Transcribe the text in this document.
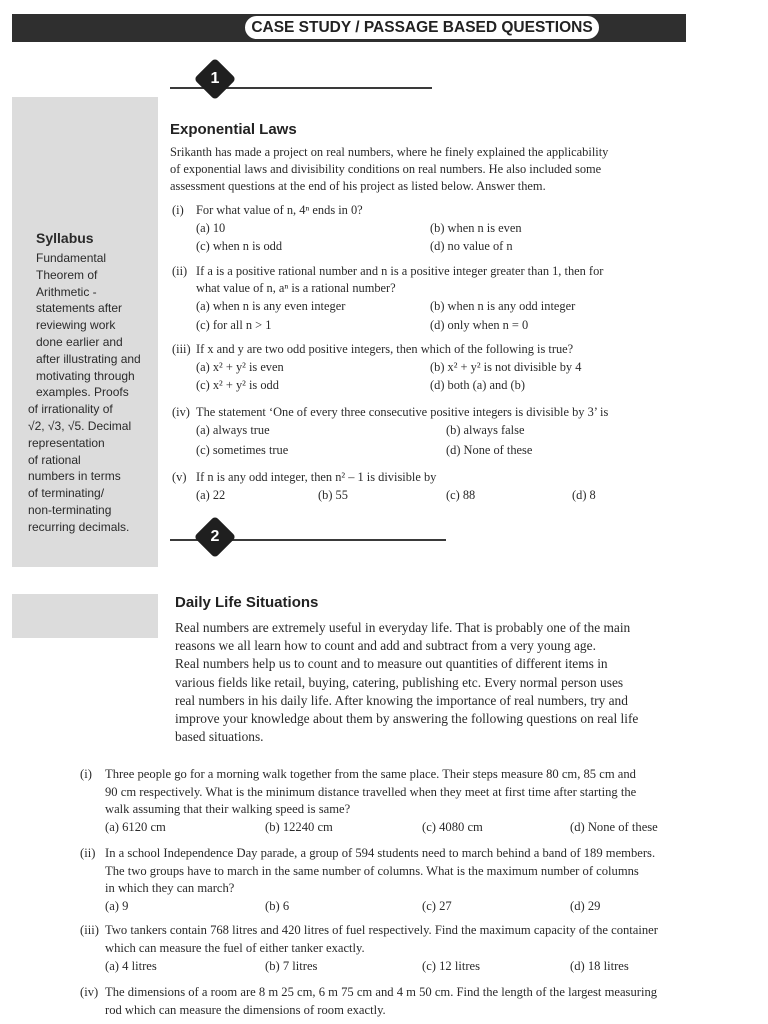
CASE STUDY / PASSAGE BASED QUESTIONS
1
Syllabus
Fundamental
Theorem of
Arithmetic -
statements after
reviewing work
done earlier and
after illustrating and
motivating through
examples. Proofs
of irrationality of
√2, √3, √5. Decimal
representation
of rational
numbers in terms
of terminating/
non-terminating
recurring decimals.
Exponential Laws
Srikanth has made a project on real numbers, where he finely explained the applicability
of exponential laws and divisibility conditions on real numbers. He also included some
assessment questions at the end of his project as listed below. Answer them.
(i) For what value of n, 4ⁿ ends in 0?
(a) 10	(b) when n is even
(c) when n is odd	(d) no value of n
(ii) If a is a positive rational number and n is a positive integer greater than 1, then for
what value of n, aⁿ is a rational number?
(a) when n is any even integer	(b) when n is any odd integer
(c) for all n > 1	(d) only when n = 0
(iii) If x and y are two odd positive integers, then which of the following is true?
(a) x² + y² is even	(b) x² + y² is not divisible by 4
(c) x² + y² is odd	(d) both (a) and (b)
(iv) The statement ‘One of every three consecutive positive integers is divisible by 3’ is
(a) always true	(b) always false
(c) sometimes true	(d) None of these
(v) If n is any odd integer, then n² – 1 is divisible by
(a) 22	(b) 55	(c) 88	(d) 8
2
Daily Life Situations
Real numbers are extremely useful in everyday life. That is probably one of the main
reasons we all learn how to count and add and subtract from a very young age.
Real numbers help us to count and to measure out quantities of different items in
various fields like retail, buying, catering, publishing etc. Every normal person uses
real numbers in his daily life. After knowing the importance of real numbers, try and
improve your knowledge about them by answering the following questions on real life
based situations.
(i) Three people go for a morning walk together from the same place. Their steps measure 80 cm, 85 cm and
90 cm respectively. What is the minimum distance travelled when they meet at first time after starting the
walk assuming that their walking speed is same?
(a) 6120 cm	(b) 12240 cm	(c) 4080 cm	(d) None of these
(ii) In a school Independence Day parade, a group of 594 students need to march behind a band of 189 members.
The two groups have to march in the same number of columns. What is the maximum number of columns
in which they can march?
(a) 9	(b) 6	(c) 27	(d) 29
(iii) Two tankers contain 768 litres and 420 litres of fuel respectively. Find the maximum capacity of the container
which can measure the fuel of either tanker exactly.
(a) 4 litres	(b) 7 litres	(c) 12 litres	(d) 18 litres
(iv) The dimensions of a room are 8 m 25 cm, 6 m 75 cm and 4 m 50 cm. Find the length of the largest measuring
rod which can measure the dimensions of room exactly.
